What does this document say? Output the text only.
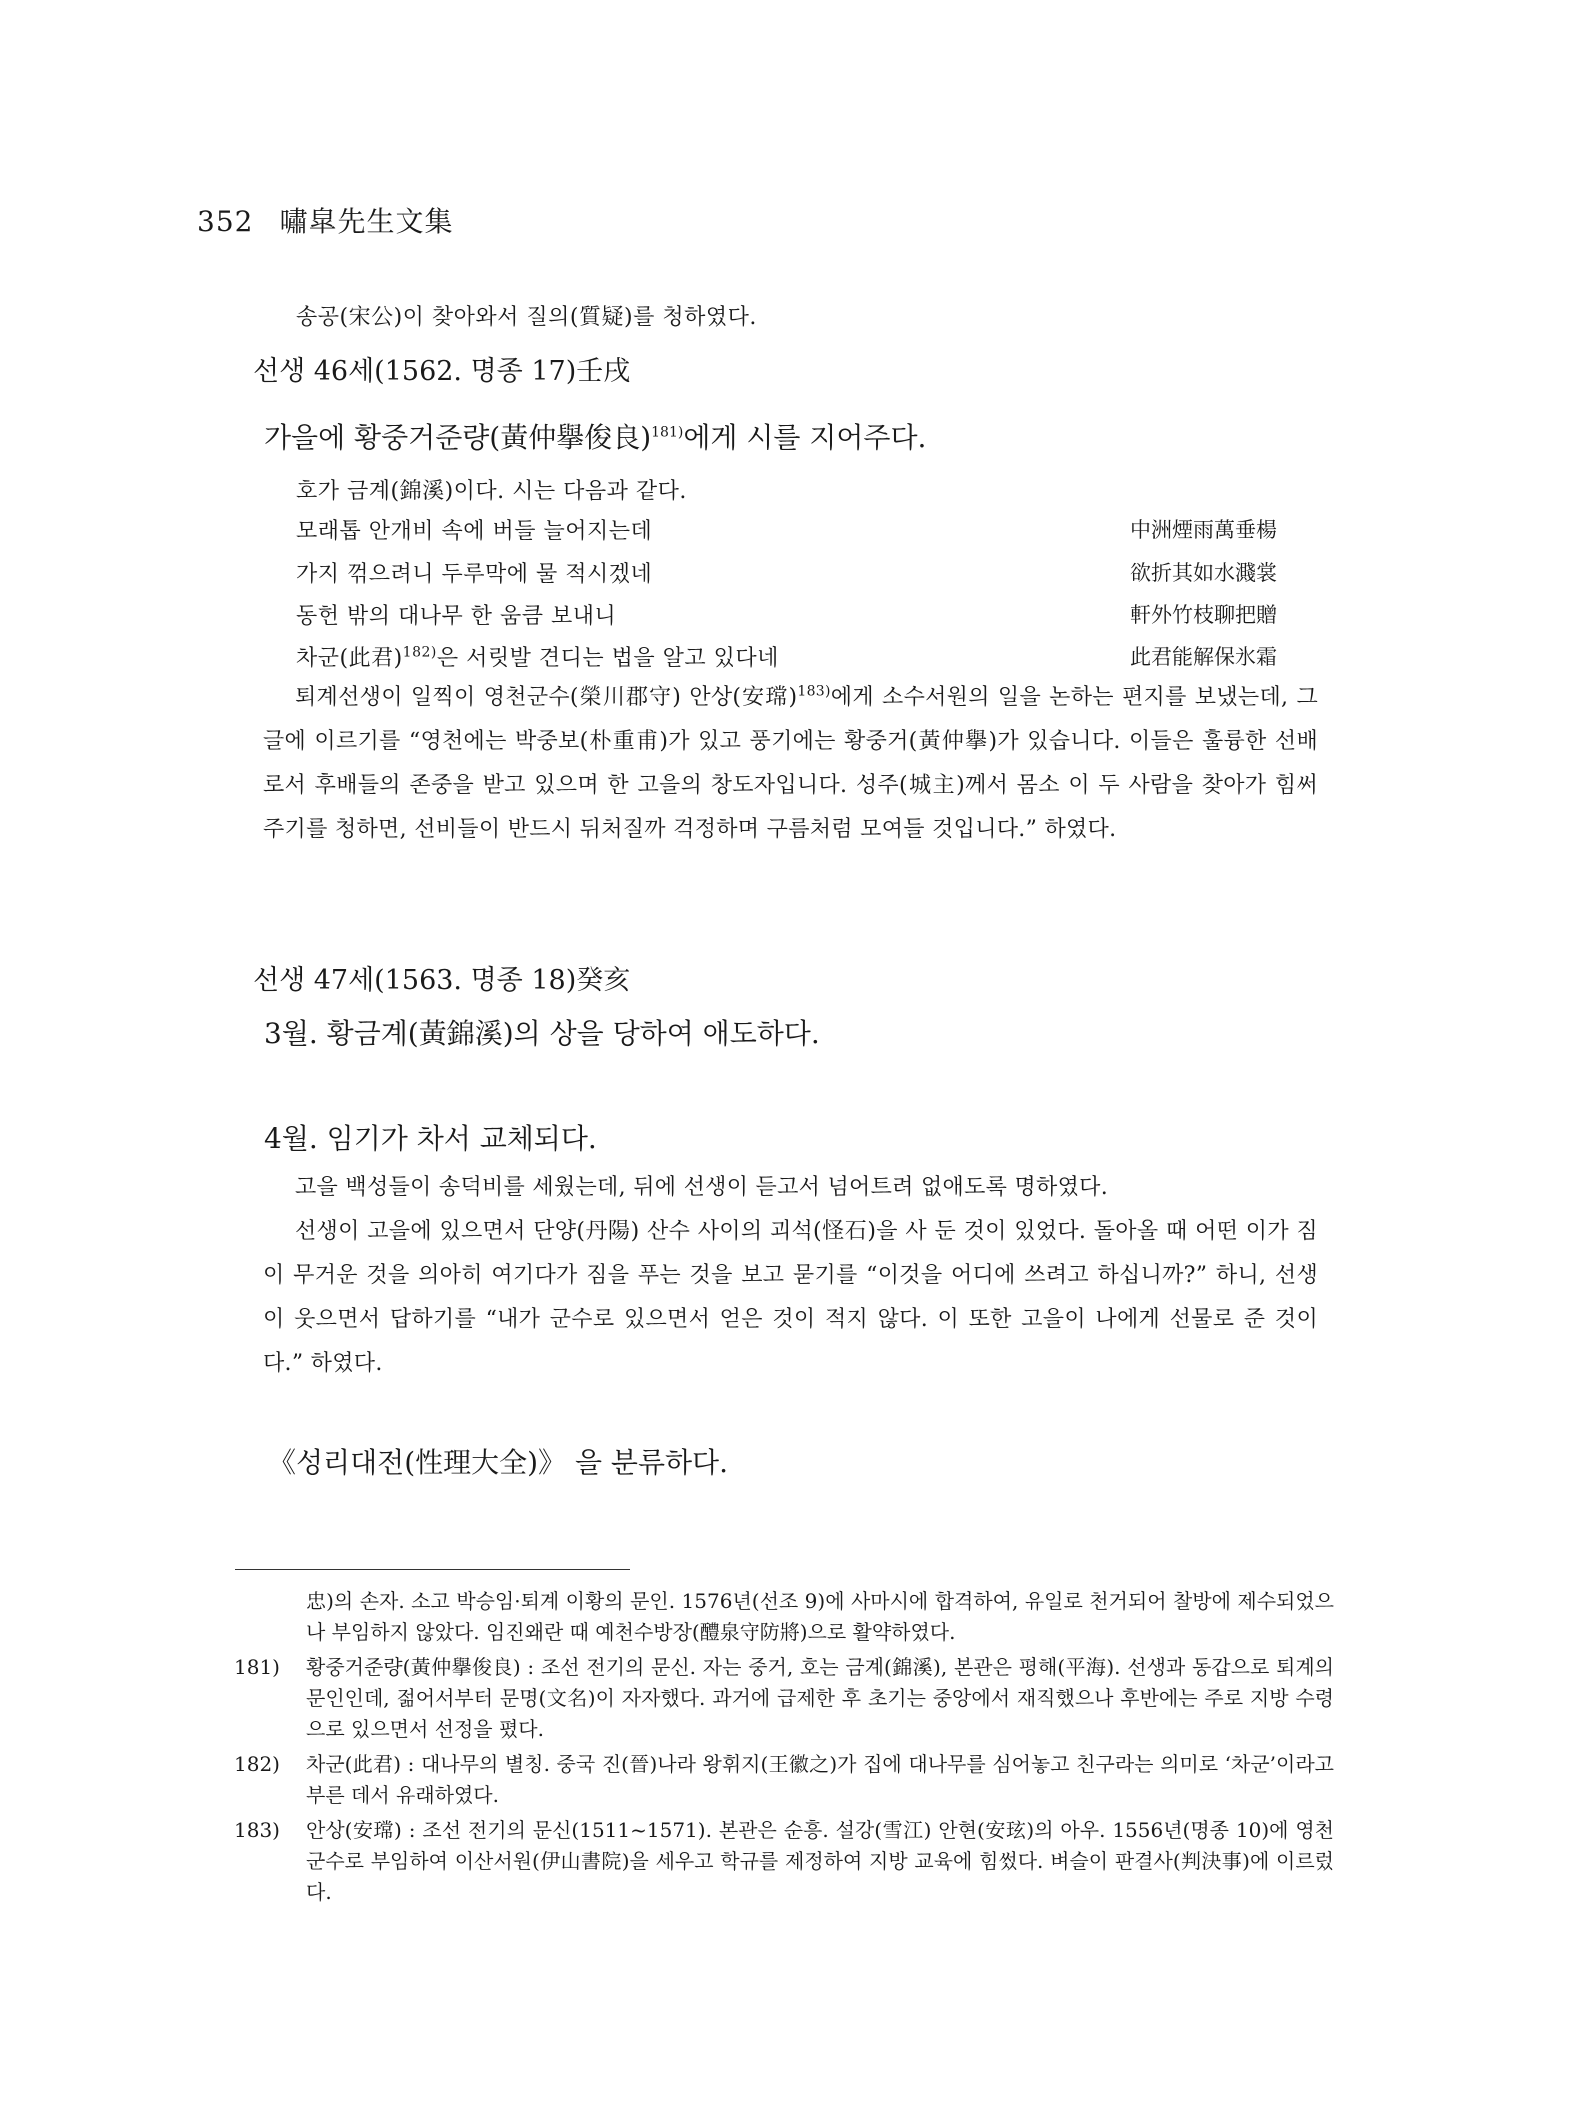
352 嘯皐先生文集
송공(宋公)이 찾아와서 질의(質疑)를 청하였다.
선생 46세(1562. 명종 17)壬戌
가을에 황중거준량(黃仲擧俊良)$^{181)}$에게 시를 지어주다.
호가 금계(錦溪)이다. 시는 다음과 같다.
모래톱 안개비 속에 버들 늘어지는데	中洲煙雨萬垂楊
가지 꺾으려니 두루막에 물 적시겠네	欲折其如水濺裳
동헌 밖의 대나무 한 움큼 보내니	軒外竹枝聊把贈
차군(此君)$^{182)}$은 서릿발 견디는 법을 알고 있다네	此君能解保氷霜
퇴계선생이 일찍이 영천군수(榮川郡守) 안상(安瑺)$^{183)}$에게 소수서원의 일을 논하는 편지를 보냈는데, 그 글에 이르기를 “영천에는 박중보(朴重甫)가 있고 풍기에는 황중거(黃仲擧)가 있습니다. 이들은 훌륭한 선배로서 후배들의 존중을 받고 있으며 한 고을의 창도자입니다. 성주(城主)께서 몸소 이 두 사람을 찾아가 힘써주기를 청하면, 선비들이 반드시 뒤처질까 걱정하며 구름처럼 모여들 것입니다.” 하였다.
선생 47세(1563. 명종 18)癸亥
3월. 황금계(黃錦溪)의 상을 당하여 애도하다.
4월. 임기가 차서 교체되다.
고을 백성들이 송덕비를 세웠는데, 뒤에 선생이 듣고서 넘어트려 없애도록 명하였다.
선생이 고을에 있으면서 단양(丹陽) 산수 사이의 괴석(怪石)을 사 둔 것이 있었다. 돌아올 때 어떤 이가 짐이 무거운 것을 의아히 여기다가 짐을 푸는 것을 보고 묻기를 “이것을 어디에 쓰려고 하십니까?” 하니, 선생이 웃으면서 답하기를 “내가 군수로 있으면서 얻은 것이 적지 않다. 이 또한 고을이 나에게 선물로 준 것이다.” 하였다.
《성리대전(性理大全)》 을 분류하다.
忠)의 손자. 소고 박승임·퇴계 이황의 문인. 1576년(선조 9)에 사마시에 합격하여, 유일로 천거되어 찰방에 제수되었으나 부임하지 않았다. 임진왜란 때 예천수방장(醴泉守防將)으로 활약하였다.
181) 황중거준량(黃仲擧俊良) : 조선 전기의 문신. 자는 중거, 호는 금계(錦溪), 본관은 평해(平海). 선생과 동갑으로 퇴계의 문인인데, 젊어서부터 문명(文名)이 자자했다. 과거에 급제한 후 초기는 중앙에서 재직했으나 후반에는 주로 지방 수령으로 있으면서 선정을 폈다.
182) 차군(此君) : 대나무의 별칭. 중국 진(晉)나라 왕휘지(王徽之)가 집에 대나무를 심어놓고 친구라는 의미로 ‘차군’이라고 부른 데서 유래하였다.
183) 안상(安瑺) : 조선 전기의 문신(1511~1571). 본관은 순흥. 설강(雪江) 안현(安玹)의 아우. 1556년(명종 10)에 영천군수로 부임하여 이산서원(伊山書院)을 세우고 학규를 제정하여 지방 교육에 힘썼다. 벼슬이 판결사(判決事)에 이르렀다.
